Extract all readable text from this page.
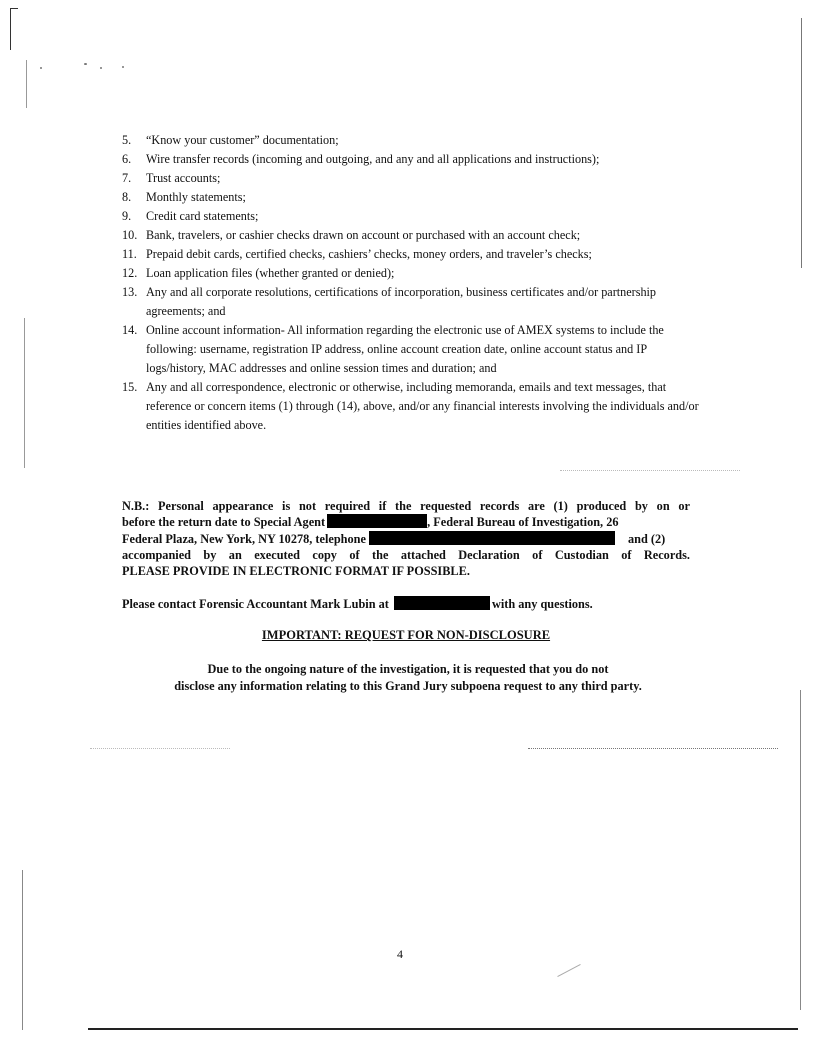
5.	“Know your customer” documentation;
6.	Wire transfer records (incoming and outgoing, and any and all applications and instructions);
7.	Trust accounts;
8.	Monthly statements;
9.	Credit card statements;
10. Bank, travelers, or cashier checks drawn on account or purchased with an account check;
11. Prepaid debit cards, certified checks, cashiers’ checks, money orders, and traveler’s checks;
12. Loan application files (whether granted or denied);
13. Any and all corporate resolutions, certifications of incorporation, business certificates and/or partnership agreements; and
14. Online account information- All information regarding the electronic use of AMEX systems to include the following: username, registration IP address, online account creation date, online account status and IP logs/history, MAC addresses and online session times and duration; and
15. Any and all correspondence, electronic or otherwise, including memoranda, emails and text messages, that reference or concern items (1) through (14), above, and/or any financial interests involving the individuals and/or entities identified above.
N.B.: Personal appearance is not required if the requested records are (1) produced by on or
before the return date to Special Agent	, Federal Bureau of Investigation, 26
Federal Plaza, New York, NY 10278, telephone	and (2)
accompanied by an executed copy of the attached Declaration of Custodian of Records.
PLEASE PROVIDE IN ELECTRONIC FORMAT IF POSSIBLE.
Please contact Forensic Accountant Mark Lubin at	with any questions.
IMPORTANT: REQUEST FOR NON-DISCLOSURE
Due to the ongoing nature of the investigation, it is requested that you do not
disclose any information relating to this Grand Jury subpoena request to any third party.
4
